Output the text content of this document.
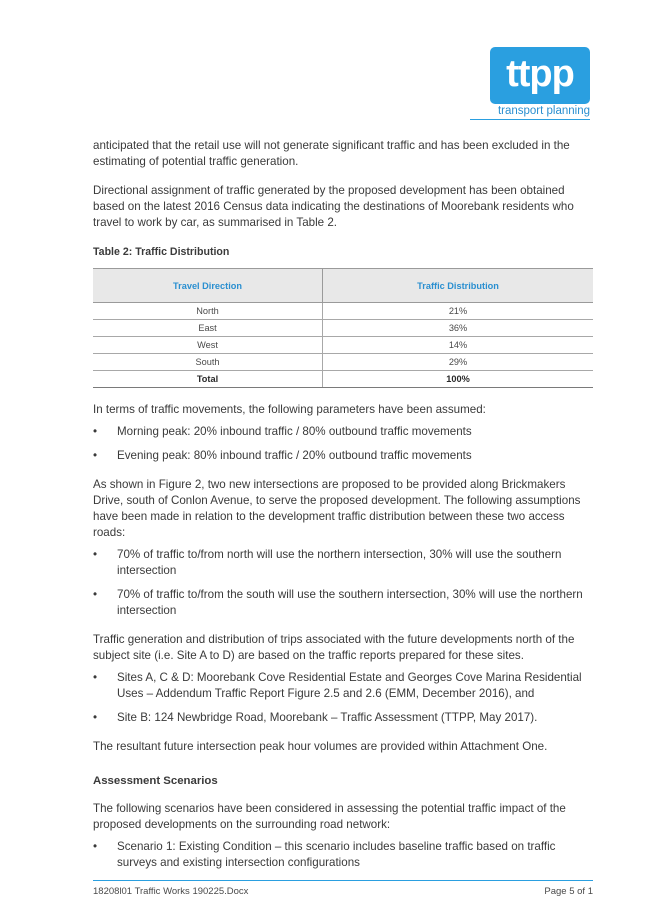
ttpp
transport planning

anticipated that the retail use will not generate significant traffic and has been excluded in the estimating of potential traffic generation.

Directional assignment of traffic generated by the proposed development has been obtained based on the latest 2016 Census data indicating the destinations of Moorebank residents who travel to work by car, as summarised in Table 2.

Table 2: Traffic Distribution
Travel Direction	Traffic Distribution
North	21%
East	36%
West	14%
South	29%
Total	100%

In terms of traffic movements, the following parameters have been assumed:

• Morning peak: 20% inbound traffic / 80% outbound traffic movements
• Evening peak: 80% inbound traffic / 20% outbound traffic movements

As shown in Figure 2, two new intersections are proposed to be provided along Brickmakers Drive, south of Conlon Avenue, to serve the proposed development. The following assumptions have been made in relation to the development traffic distribution between these two access roads:

• 70% of traffic to/from north will use the northern intersection, 30% will use the southern intersection
• 70% of traffic to/from the south will use the southern intersection, 30% will use the northern intersection

Traffic generation and distribution of trips associated with the future developments north of the subject site (i.e. Site A to D) are based on the traffic reports prepared for these sites.

• Sites A, C & D: Moorebank Cove Residential Estate and Georges Cove Marina Residential Uses – Addendum Traffic Report Figure 2.5 and 2.6 (EMM, December 2016), and
• Site B: 124 Newbridge Road, Moorebank – Traffic Assessment (TTPP, May 2017).

The resultant future intersection peak hour volumes are provided within Attachment One.

Assessment Scenarios

The following scenarios have been considered in assessing the potential traffic impact of the proposed developments on the surrounding road network:

• Scenario 1: Existing Condition – this scenario includes baseline traffic based on traffic surveys and existing intersection configurations
18208l01 Traffic Works 190225.Docx	Page 5 of 1
